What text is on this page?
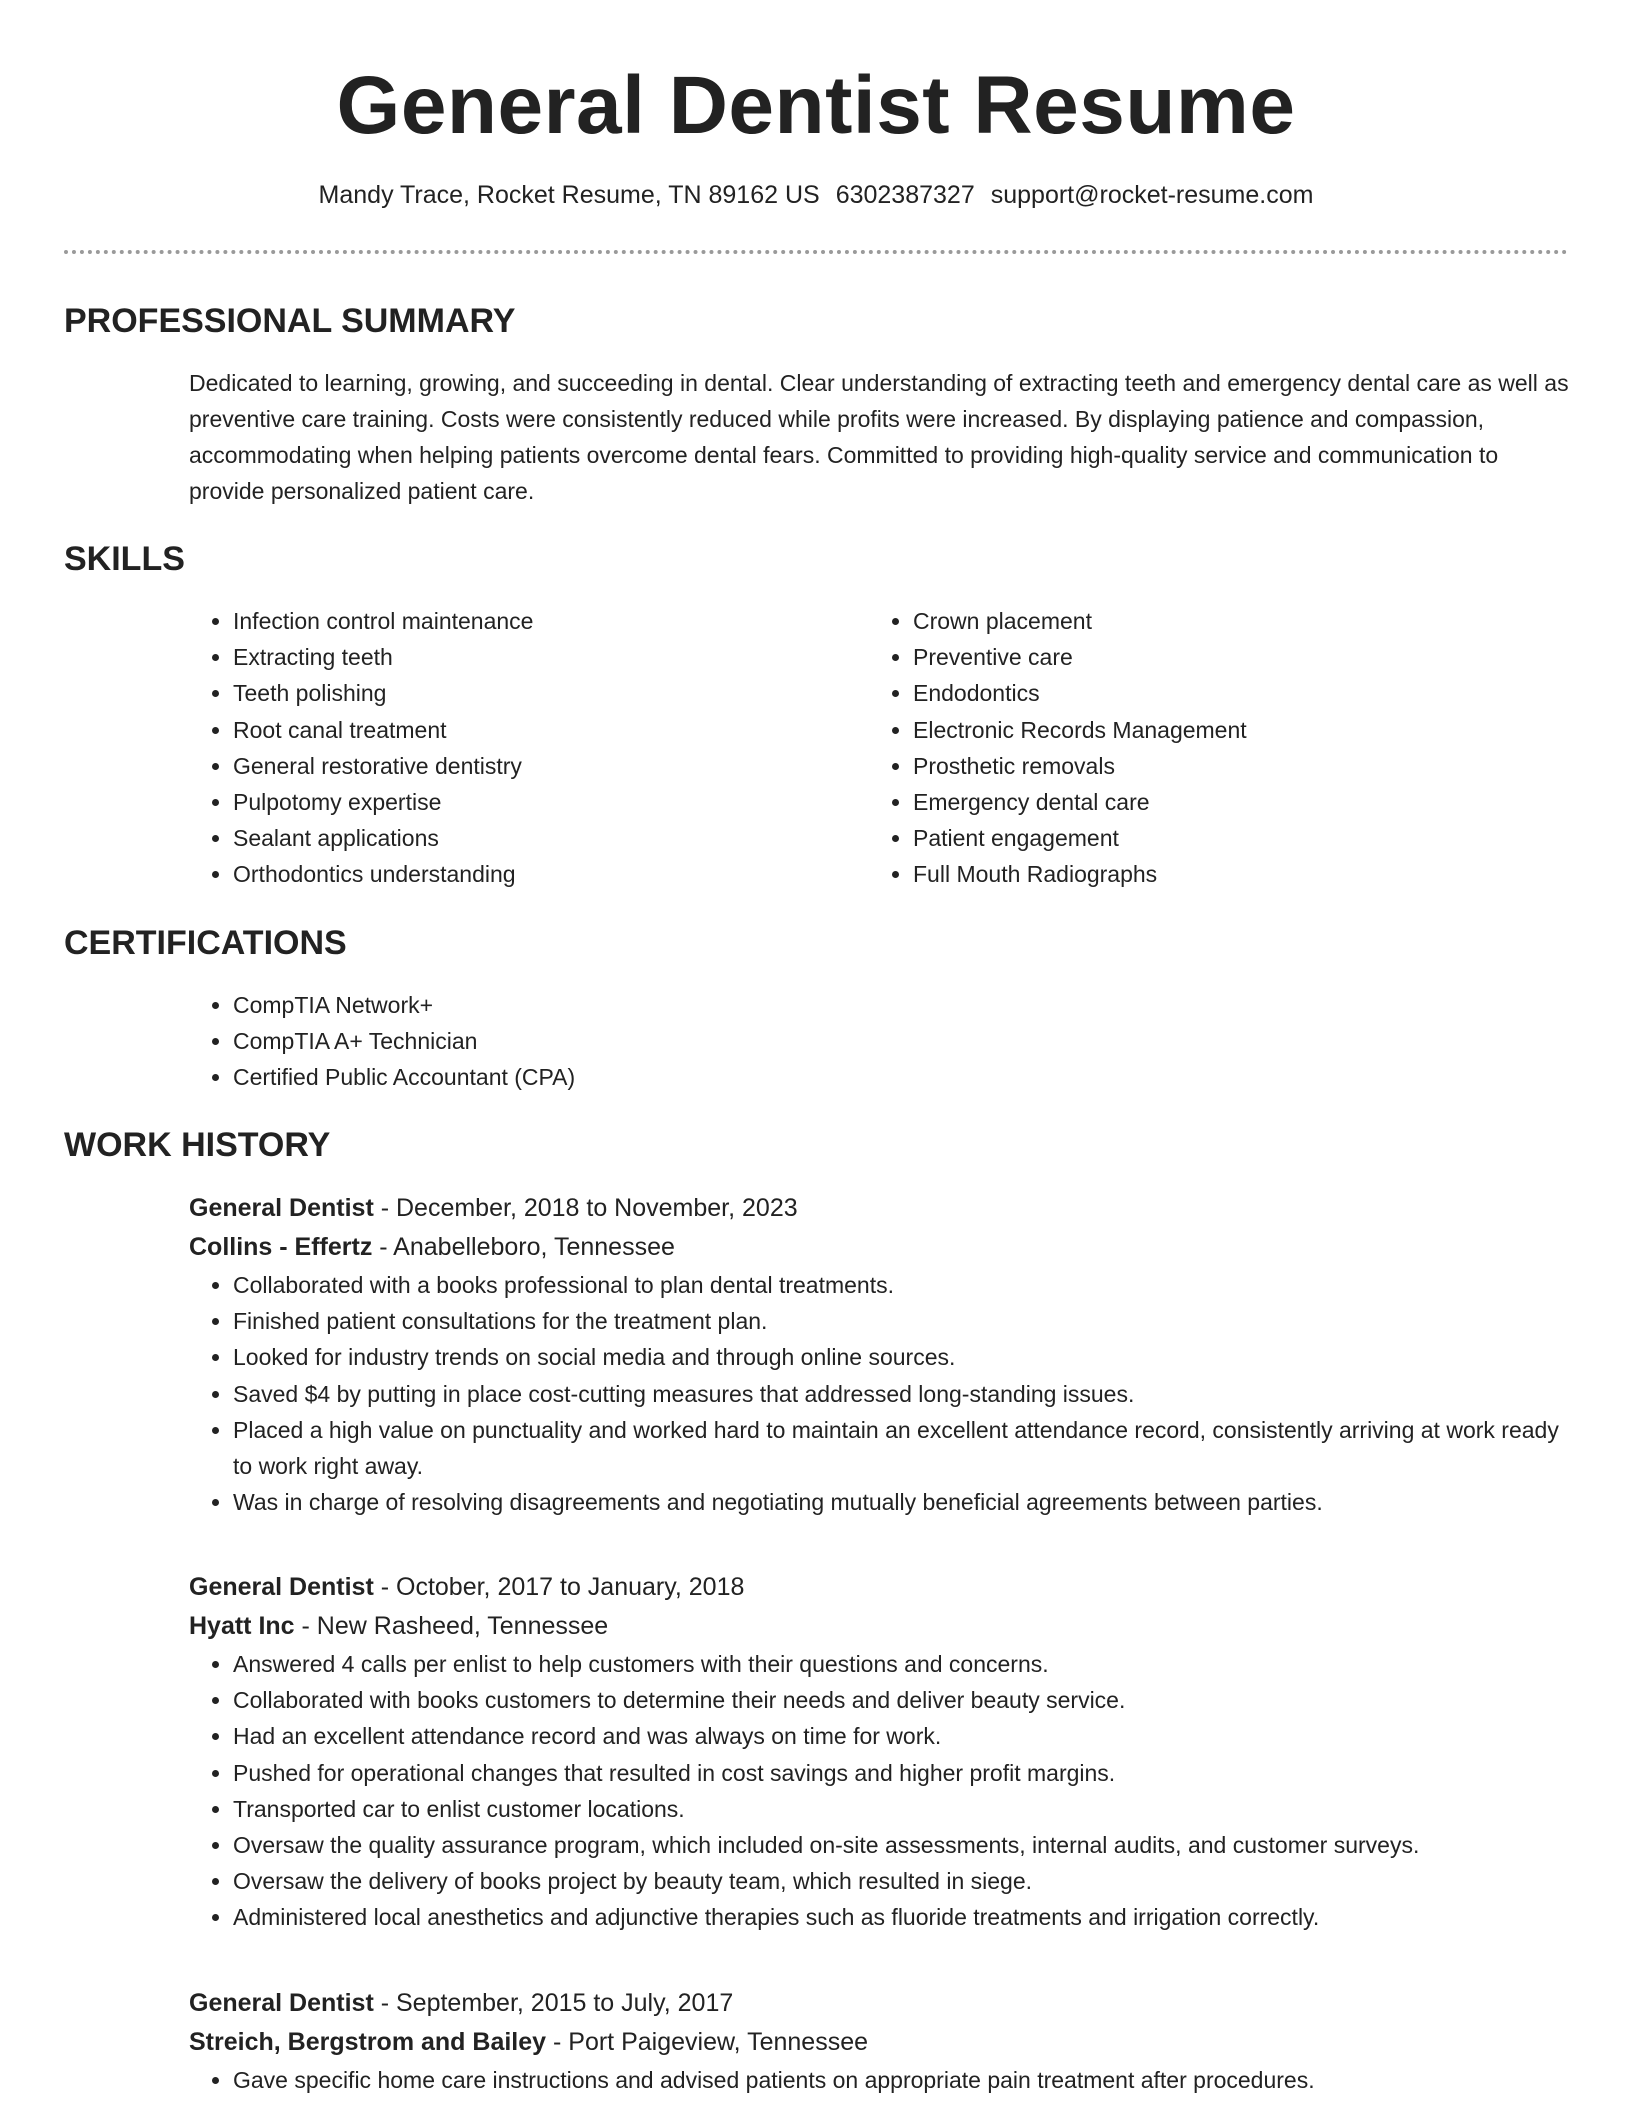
General Dentist Resume
Mandy Trace, Rocket Resume, TN 89162 US 6302387327 support@rocket-resume.com
PROFESSIONAL SUMMARY

Dedicated to learning, growing, and succeeding in dental. Clear understanding of extracting teeth and emergency dental care as well as preventive care training. Costs were consistently reduced while profits were increased. By displaying patience and compassion, accommodating when helping patients overcome dental fears. Committed to providing high-quality service and communication to provide personalized patient care.

SKILLS
• Infection control maintenance
• Extracting teeth
• Teeth polishing
• Root canal treatment
• General restorative dentistry
• Pulpotomy expertise
• Sealant applications
• Orthodontics understanding
• Crown placement
• Preventive care
• Endodontics
• Electronic Records Management
• Prosthetic removals
• Emergency dental care
• Patient engagement
• Full Mouth Radiographs
CERTIFICATIONS
• CompTIA Network+
• CompTIA A+ Technician
• Certified Public Accountant (CPA)
WORK HISTORY

General Dentist - December, 2018 to November, 2023

Collins - Effertz - Anabelleboro, Tennessee

• Collaborated with a books professional to plan dental treatments.
• Finished patient consultations for the treatment plan.
• Looked for industry trends on social media and through online sources.
• Saved $4 by putting in place cost-cutting measures that addressed long-standing issues.
• Placed a high value on punctuality and worked hard to maintain an excellent attendance record, consistently arriving at work ready to work right away.
• Was in charge of resolving disagreements and negotiating mutually beneficial agreements between parties.

General Dentist - October, 2017 to January, 2018

Hyatt Inc - New Rasheed, Tennessee

• Answered 4 calls per enlist to help customers with their questions and concerns.
• Collaborated with books customers to determine their needs and deliver beauty service.
• Had an excellent attendance record and was always on time for work.
• Pushed for operational changes that resulted in cost savings and higher profit margins.
• Transported car to enlist customer locations.
• Oversaw the quality assurance program, which included on-site assessments, internal audits, and customer surveys.
• Oversaw the delivery of books project by beauty team, which resulted in siege.
• Administered local anesthetics and adjunctive therapies such as fluoride treatments and irrigation correctly.

General Dentist - September, 2015 to July, 2017

Streich, Bergstrom and Bailey - Port Paigeview, Tennessee

• Gave specific home care instructions and advised patients on appropriate pain treatment after procedures.
